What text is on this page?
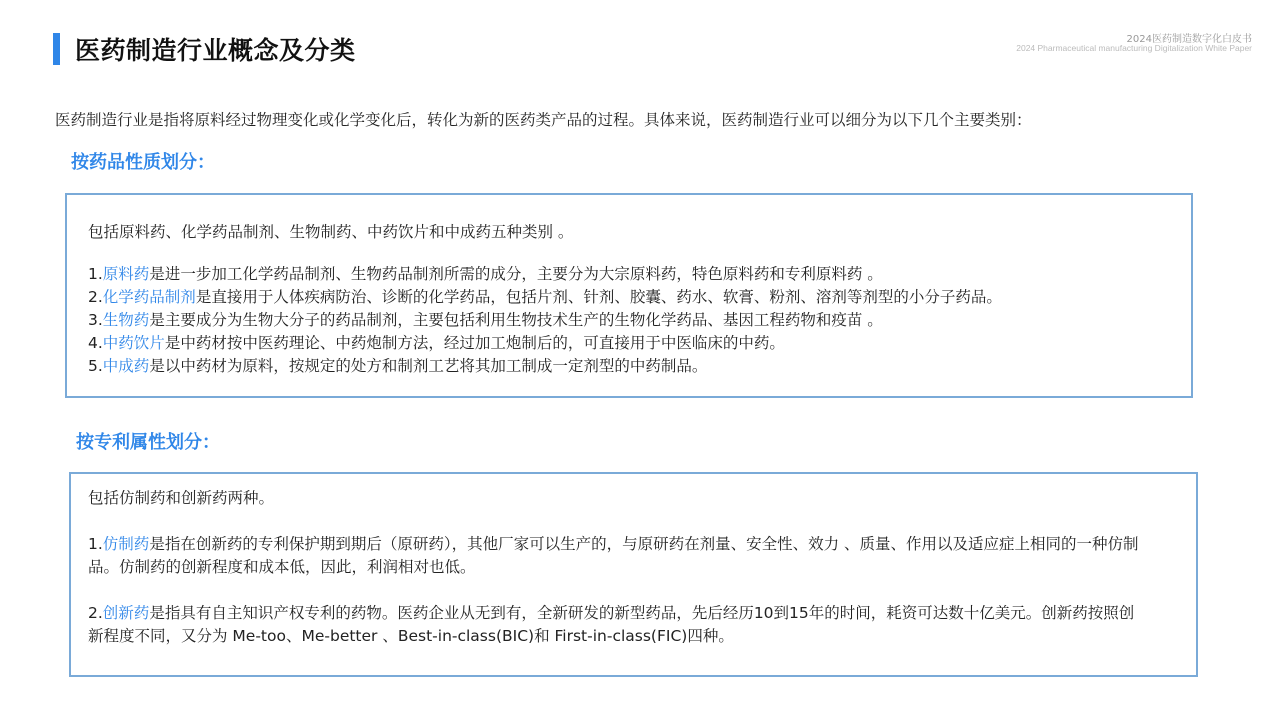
医药制造行业概念及分类	2024医药制造数字化白皮书
2024 Pharmaceutical manufacturing Digitalization White Paper
医药制造行业是指将原料经过物理变化或化学变化后，转化为新的医药类产品的过程。具体来说，医药制造行业可以细分为以下几个主要类别：
按药品性质划分：

包括原料药、化学药品制剂、生物制药、中药饮片和中成药五种类别 。

1.原料药是进一步加工化学药品制剂、生物药品制剂所需的成分，主要分为大宗原料药，特色原料药和专利原料药 。

2.化学药品制剂是直接用于人体疾病防治、诊断的化学药品，包括片剂、针剂、胶囊、药水、软膏、粉剂、溶剂等剂型的小分子药品。

3.生物药是主要成分为生物大分子的药品制剂，主要包括利用生物技术生产的生物化学药品、基因工程药物和疫苗 。

4.中药饮片是中药材按中医药理论、中药炮制方法，经过加工炮制后的，可直接用于中医临床的中药。

5.中成药是以中药材为原料，按规定的处方和制剂工艺将其加工制成一定剂型的中药制品。

按专利属性划分：

包括仿制药和创新药两种。

1.仿制药是指在创新药的专利保护期到期后（原研药），其他厂家可以生产的，与原研药在剂量、安全性、效力 、质量、作用以及适应症上相同的一种仿制品。仿制药的创新程度和成本低，因此，利润相对也低。

2.创新药是指具有自主知识产权专利的药物。医药企业从无到有，全新研发的新型药品，先后经历10到15年的时间，耗资可达数十亿美元。创新药按照创新程度不同，又分为 Me-too、Me-better 、Best-in-class(BIC)和 First-in-class(FIC)四种。
